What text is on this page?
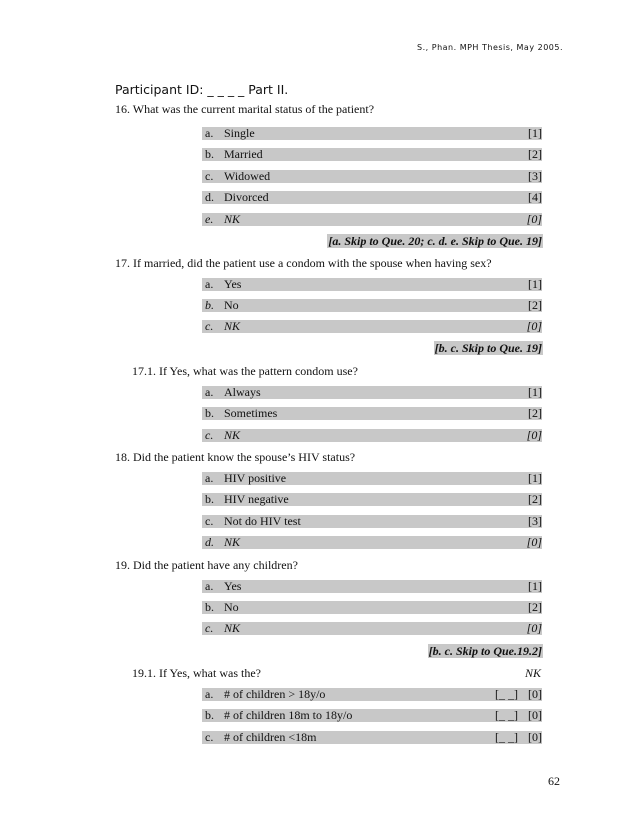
S., Phan. MPH Thesis, May 2005.
Participant ID: _ _ _ _ Part II.
16. What was the current marital status of the patient?
a. Single	[1]
b. Married	[2]
c. Widowed	[3]
d. Divorced	[4]
e. NK	[0]
[a. Skip to Que. 20; c. d. e. Skip to Que. 19]
17. If married, did the patient use a condom with the spouse when having sex?
a. Yes	[1]
b. No	[2]
c. NK	[0]
[b. c. Skip to Que. 19]
17.1. If Yes, what was the pattern condom use?
a. Always	[1]
b. Sometimes	[2]
c. NK	[0]
18. Did the patient know the spouse’s HIV status?
a. HIV positive	[1]
b. HIV negative	[2]
c. Not do HIV test	[3]
d. NK	[0]
19. Did the patient have any children?
a. Yes	[1]
b. No	[2]
c. NK	[0]
[b. c. Skip to Que.19.2]
19.1. If Yes, what was the?	NK
a. # of children > 18y/o	[_ _] [0]
b. # of children 18m to 18y/o	[_ _] [0]
c. # of children <18m	[_ _] [0]
62
